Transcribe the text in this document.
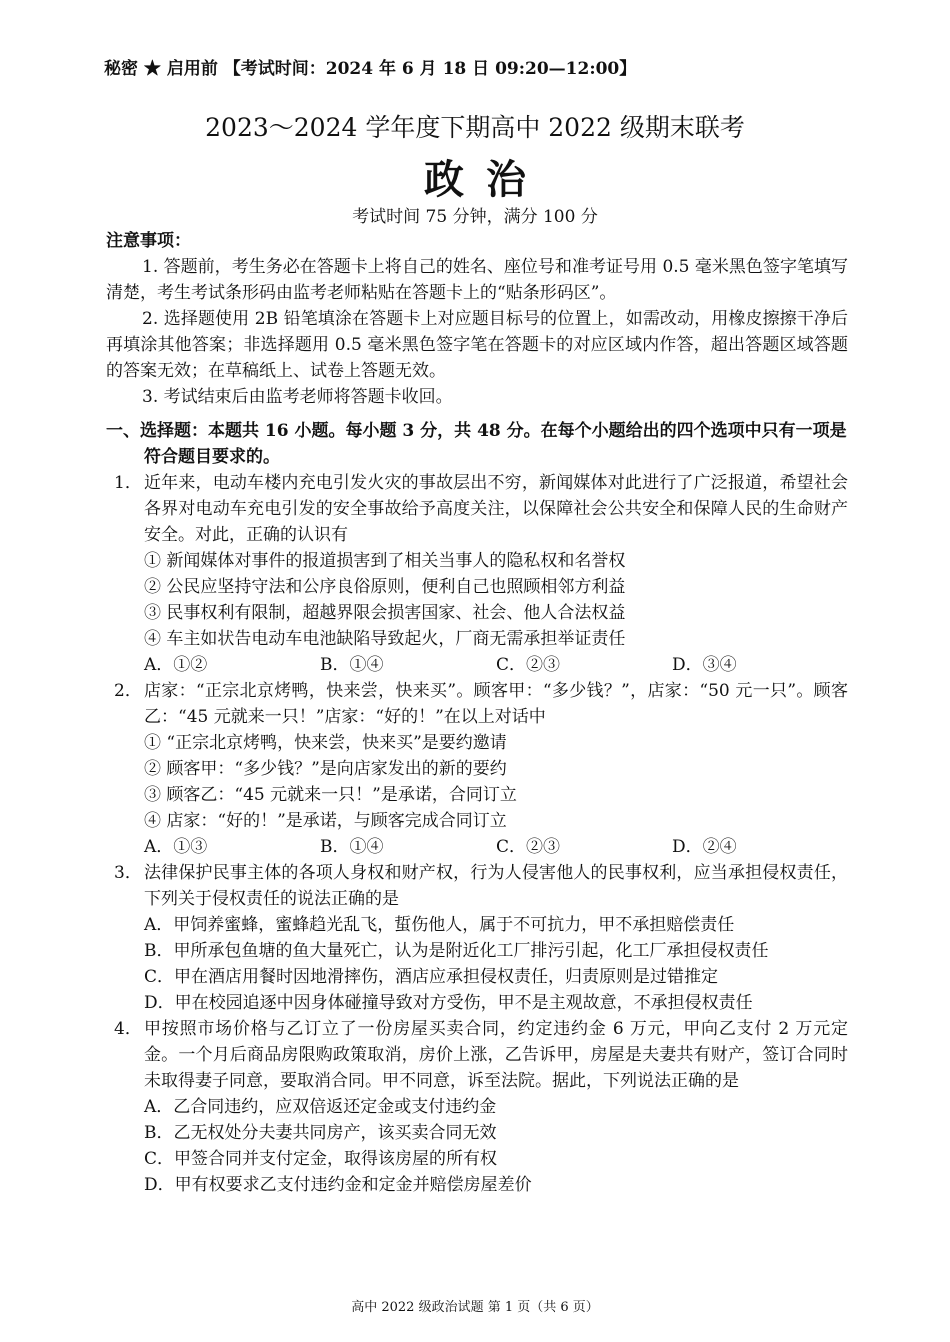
秘密 ★ 启用前 【考试时间：2024 年 6 月 18 日 09:20—12:00】
2023～2024 学年度下期高中 2022 级期末联考
政治
考试时间 75 分钟，满分 100 分
注意事项：
1. 答题前，考生务必在答题卡上将自己的姓名、座位号和准考证号用 0.5 毫米黑色签字笔填写清楚，考生考试条形码由监考老师粘贴在答题卡上的“贴条形码区”。
2. 选择题使用 2B 铅笔填涂在答题卡上对应题目标号的位置上，如需改动，用橡皮擦擦干净后再填涂其他答案；非选择题用 0.5 毫米黑色签字笔在答题卡的对应区域内作答，超出答题区域答题的答案无效；在草稿纸上、试卷上答题无效。
3. 考试结束后由监考老师将答题卡收回。
一、选择题：本题共 16 小题。每小题 3 分，共 48 分。在每个小题给出的四个选项中只有一项是符合题目要求的。
1． 近年来，电动车楼内充电引发火灾的事故层出不穷，新闻媒体对此进行了广泛报道，希望社会各界对电动车充电引发的安全事故给予高度关注，以保障社会公共安全和保障人民的生命财产安全。对此，正确的认识有
① 新闻媒体对事件的报道损害到了相关当事人的隐私权和名誉权
② 公民应坚持守法和公序良俗原则，便利自己也照顾相邻方利益
③ 民事权利有限制，超越界限会损害国家、社会、他人合法权益
④ 车主如状告电动车电池缺陷导致起火，厂商无需承担举证责任
A．①②	B．①④	C．②③	D．③④
2． 店家：“正宗北京烤鸭，快来尝，快来买”。顾客甲：“多少钱？”，店家：“50 元一只”。顾客乙：“45 元就来一只！”店家：“好的！”在以上对话中
① “正宗北京烤鸭，快来尝，快来买”是要约邀请
② 顾客甲：“多少钱？”是向店家发出的新的要约
③ 顾客乙：“45 元就来一只！”是承诺，合同订立
④ 店家：“好的！”是承诺，与顾客完成合同订立
A．①③	B．①④	C．②③	D．②④
3． 法律保护民事主体的各项人身权和财产权，行为人侵害他人的民事权利，应当承担侵权责任，下列关于侵权责任的说法正确的是
A．甲饲养蜜蜂，蜜蜂趋光乱飞，蜇伤他人，属于不可抗力，甲不承担赔偿责任
B．甲所承包鱼塘的鱼大量死亡，认为是附近化工厂排污引起，化工厂承担侵权责任
C．甲在酒店用餐时因地滑摔伤，酒店应承担侵权责任，归责原则是过错推定
D．甲在校园追逐中因身体碰撞导致对方受伤，甲不是主观故意，不承担侵权责任
4． 甲按照市场价格与乙订立了一份房屋买卖合同，约定违约金 6 万元，甲向乙支付 2 万元定金。一个月后商品房限购政策取消，房价上涨，乙告诉甲，房屋是夫妻共有财产，签订合同时未取得妻子同意，要取消合同。甲不同意，诉至法院。据此，下列说法正确的是
A．乙合同违约，应双倍返还定金或支付违约金
B．乙无权处分夫妻共同房产，该买卖合同无效
C．甲签合同并支付定金，取得该房屋的所有权
D．甲有权要求乙支付违约金和定金并赔偿房屋差价
高中 2022 级政治试题 第 1 页（共 6 页）
